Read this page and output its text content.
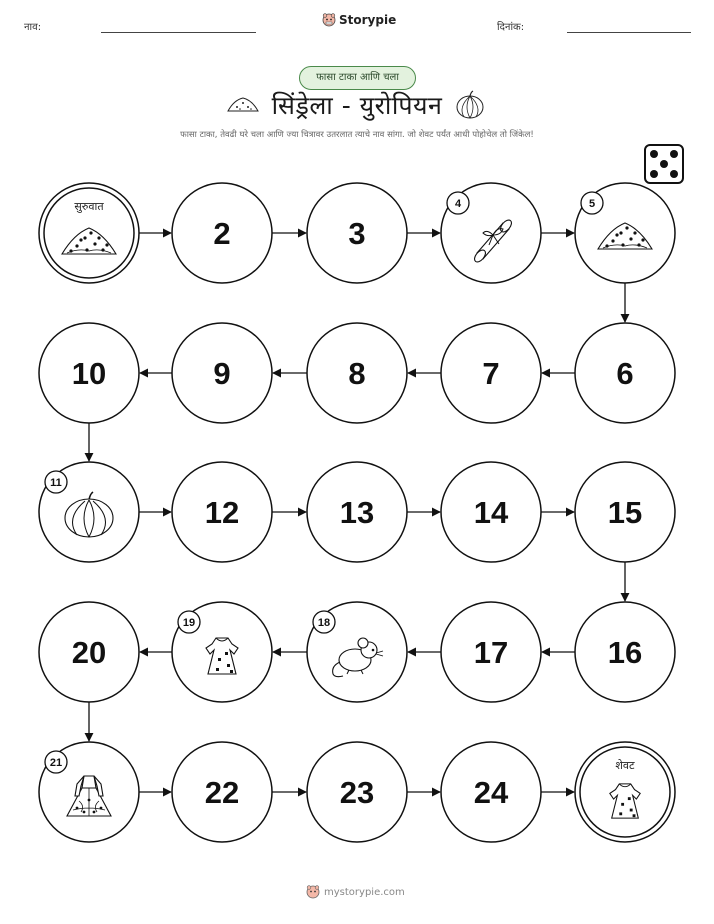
नाव:
Storypie
दिनांक:
फासा टाका आणि चला
सिंड्रेला - युरोपियन
फासा टाका, तेवढी घरे चला आणि ज्या चित्रावर उतरलात त्याचे नाव सांगा. जो शेवट पर्यंत आधी पोहोचेल तो जिंकेल!
सुरुवात
2	3
4	5
6
7
8
9
10
11
12	13	14	15
16
17
18
19
20
21
22	23	24
शेवट
mystorypie.com
